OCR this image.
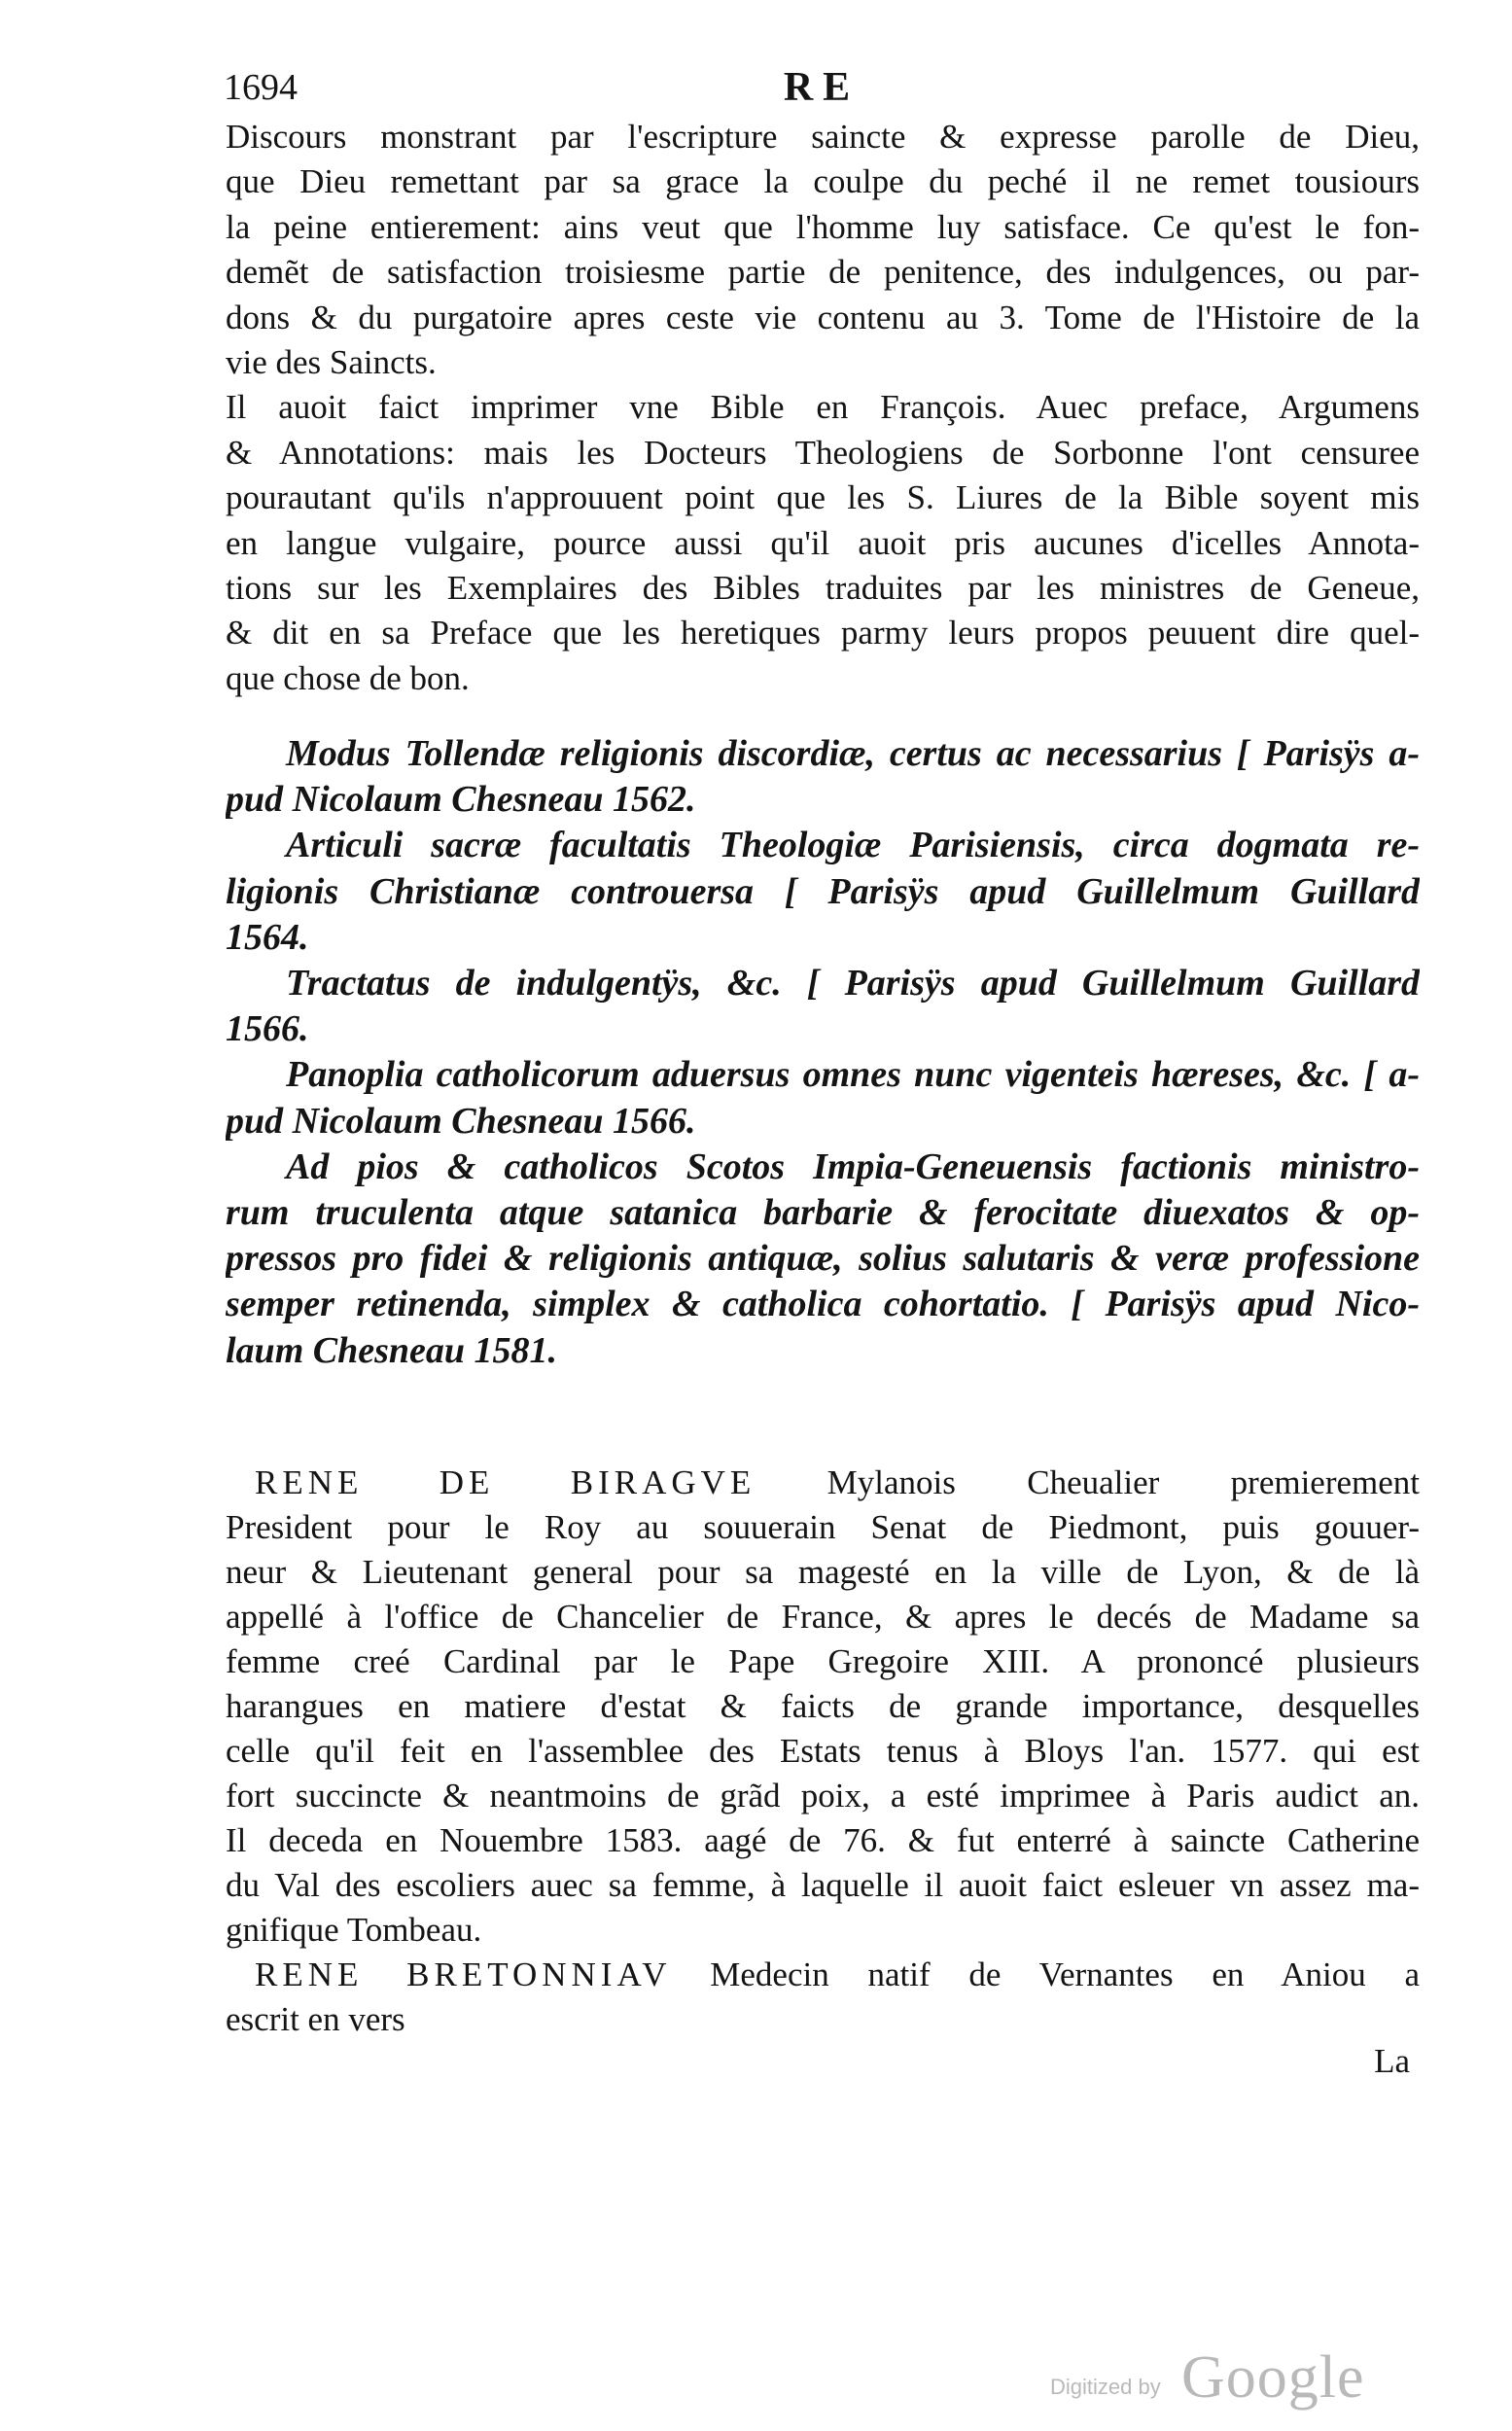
1694	RE
Discours monstrant par l'escripture saincte & expresse parolle de Dieu,
que Dieu remettant par sa grace la coulpe du peché il ne remet tousiours
la peine entierement: ains veut que l'homme luy satisface. Ce qu'est le fon-
demẽt de satisfaction troisiesme partie de penitence, des indulgences, ou par-
dons & du purgatoire apres ceste vie contenu au 3. Tome de l'Histoire de la
vie des Saincts.
Il auoit faict imprimer vne Bible en François. Auec preface, Argumens
& Annotations: mais les Docteurs Theologiens de Sorbonne l'ont censuree
pourautant qu'ils n'approuuent point que les S. Liures de la Bible soyent mis
en langue vulgaire, pource aussi qu'il auoit pris aucunes d'icelles Annota-
tions sur les Exemplaires des Bibles traduites par les ministres de Geneue,
& dit en sa Preface que les heretiques parmy leurs propos peuuent dire quel-
que chose de bon.
Modus Tollendæ religionis discordiæ, certus ac necessarius [ Parisÿs a-
pud Nicolaum Chesneau 1562.
Articuli sacræ facultatis Theologiæ Parisiensis, circa dogmata re-
ligionis Christianæ controuersa [ Parisÿs apud Guillelmum Guillard
1564.
Tractatus de indulgentÿs, &c. [ Parisÿs apud Guillelmum Guillard
1566.
Panoplia catholicorum aduersus omnes nunc vigenteis hæreses, &c. [ a-
pud Nicolaum Chesneau 1566.
Ad pios & catholicos Scotos Impia-Geneuensis factionis ministro-
rum truculenta atque satanica barbarie & ferocitate diuexatos & op-
pressos pro fidei & religionis antiquæ, solius salutaris & veræ professione
semper retinenda, simplex & catholica cohortatio. [ Parisÿs apud Nico-
laum Chesneau 1581.
RENE DE BIRAGVE Mylanois Cheualier premierement
President pour le Roy au souuerain Senat de Piedmont, puis gouuer-
neur & Lieutenant general pour sa magesté en la ville de Lyon, & de là
appellé à l'office de Chancelier de France, & apres le decés de Madame sa
femme creé Cardinal par le Pape Gregoire XIII. A prononcé plusieurs
harangues en matiere d'estat & faicts de grande importance, desquelles
celle qu'il feit en l'assemblee des Estats tenus à Bloys l'an. 1577. qui est
fort succincte & neantmoins de grãd poix, a esté imprimee à Paris audict an.
Il deceda en Nouembre 1583. aagé de 76. & fut enterré à saincte Catherine
du Val des escoliers auec sa femme, à laquelle il auoit faict esleuer vn assez ma-
gnifique Tombeau.
RENE BRETONNIAV Medecin natif de Vernantes en Aniou a
escrit en vers
La
Digitized by Google
